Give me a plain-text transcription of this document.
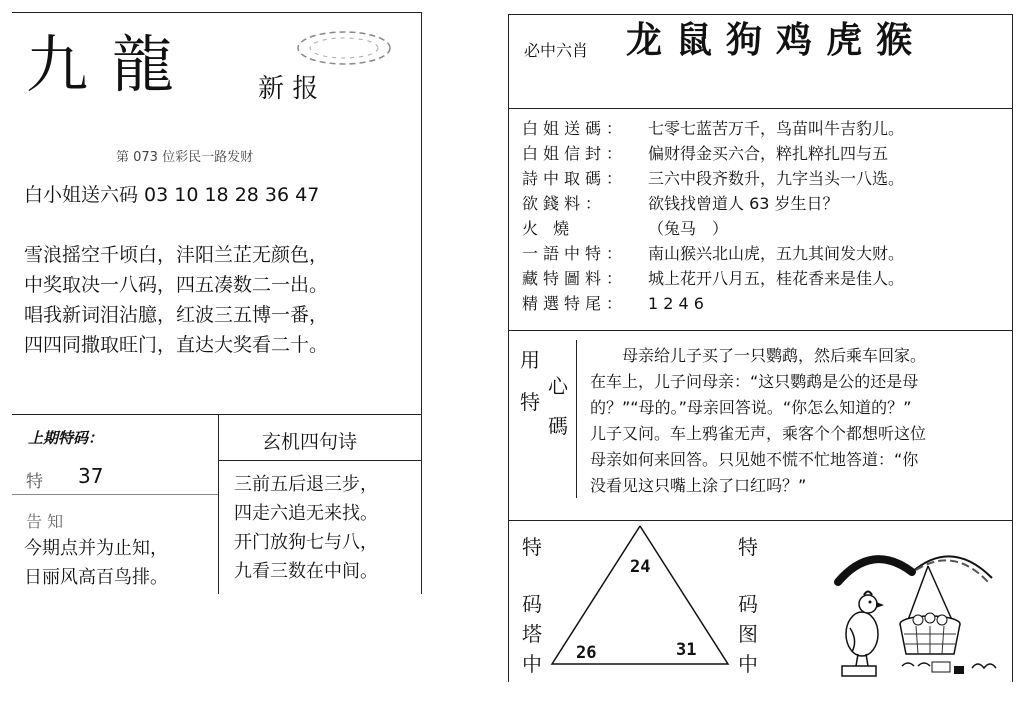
九 龍	新 报
第 073 位彩民一路发财
白小姐送六码 03 10 18 28 36 47
雪浪摇空千顷白，沣阳兰芷无颜色，
中奖取决一八码，四五凑数二一出。
唱我新词泪沾臆，红波三五博一番，
四四同撒取旺门，直达大奖看二十。
上期特码：
特 37
告 知
今期点并为止知，
日丽风高百鸟排。
玄机四句诗
三前五后退三步，
四走六追无来找。
开门放狗七与八，
九看三数在中间。
必中六肖 龙 鼠 狗 鸡 虎 猴
白姐送碼： 七零七蓝苦万千，鸟苗叫牛吉豹儿。
白姐信封： 偏财得金买六合，粹扎粹扎四与五
詩中取碼： 三六中段齐数升，九字当头一八选。
欲錢料：	欲钱找曾道人 63 岁生日？
火 燒	（兔马　）
一語中特： 南山猴兴北山虎，五九其间发大财。
藏特圖料： 城上花开八月五，桂花香来是佳人。
精選特尾： 1 2 4 6
用
心
特
碼
　　母亲给儿子买了一只鹦鹉，然后乘车回家。
在车上，儿子问母亲：“这只鹦鹉是公的还是母
的？”“母的。”母亲回答说。“你怎么知道的？”
儿子又问。车上鸦雀无声，乘客个个都想听这位
母亲如何来回答。只见她不慌不忙地答道：“你
没看见这只嘴上涂了口红吗？”
特
码
塔
中
特
码
图
中
24
26	31
